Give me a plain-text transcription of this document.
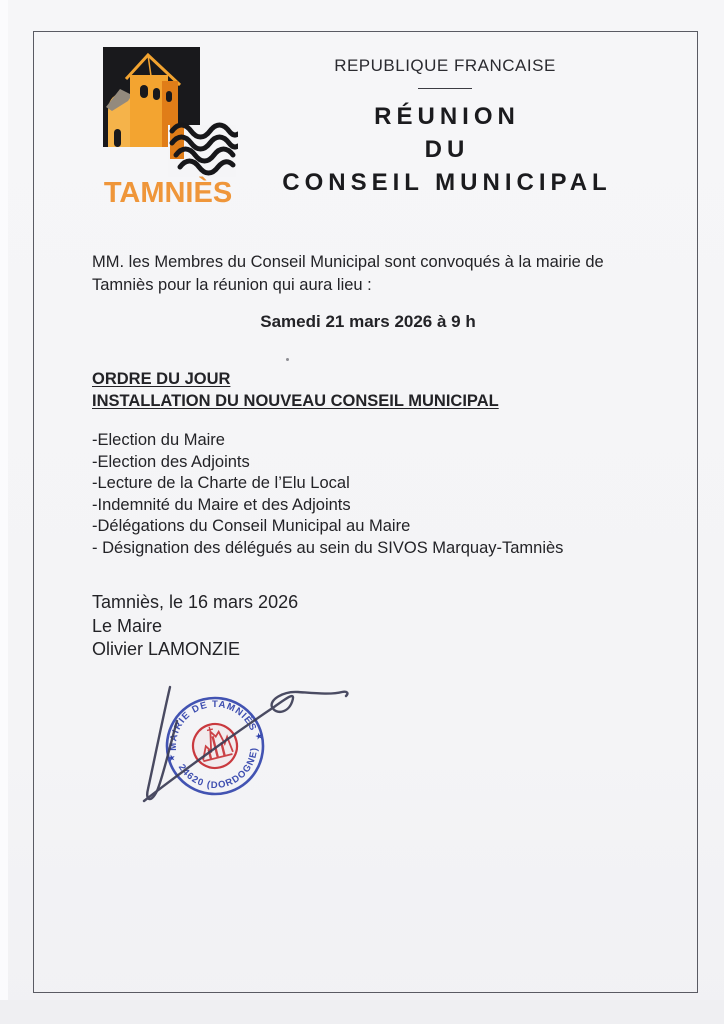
TAMNIÈS
REPUBLIQUE FRANCAISE
RÉUNION
DU
CONSEIL MUNICIPAL
MM. les Membres du Conseil Municipal sont convoqués à la mairie de Tamniès pour la réunion qui aura lieu :
Samedi 21 mars 2026 à 9 h
ORDRE DU JOUR
INSTALLATION DU NOUVEAU CONSEIL MUNICIPAL
-Election du Maire
-Election des Adjoints
-Lecture de la Charte de l’Elu Local
-Indemnité du Maire et des Adjoints
-Délégations du Conseil Municipal au Maire
- Désignation des délégués au sein du SIVOS Marquay-Tamniès
Tamniès, le 16 mars 2026
Le Maire
Olivier LAMONZIE
MAIRIE DE TAMNIÈS
24620 (DORDOGNE)
★
★
